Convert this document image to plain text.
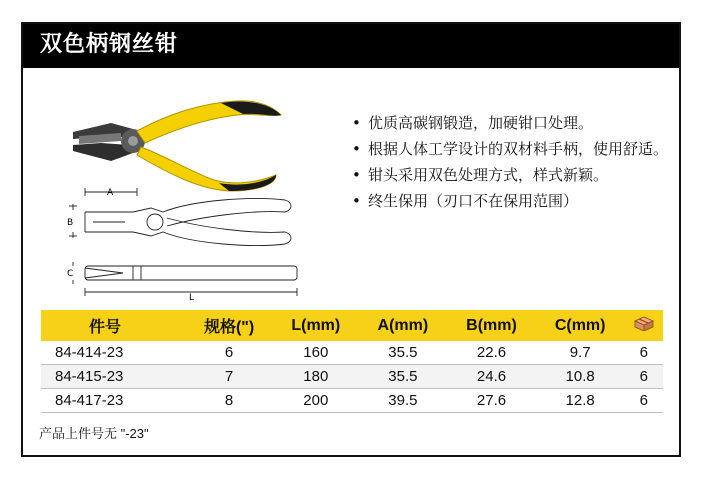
双色柄钢丝钳
A
B
C
L
• 优质高碳钢锻造，加硬钳口处理。
• 根据人体工学设计的双材料手柄，使用舒适。
• 钳头采用双色处理方式，样式新颖。
• 终生保用（刃口不在保用范围）
件号	规格(")	L(mm)	A(mm)	B(mm)	C(mm)	
84-414-23	6	160	35.5	22.6	9.7	6
84-415-23	7	180	35.5	24.6	10.8	6
84-417-23	8	200	39.5	27.6	12.8	6
产品上件号无 "-23"
